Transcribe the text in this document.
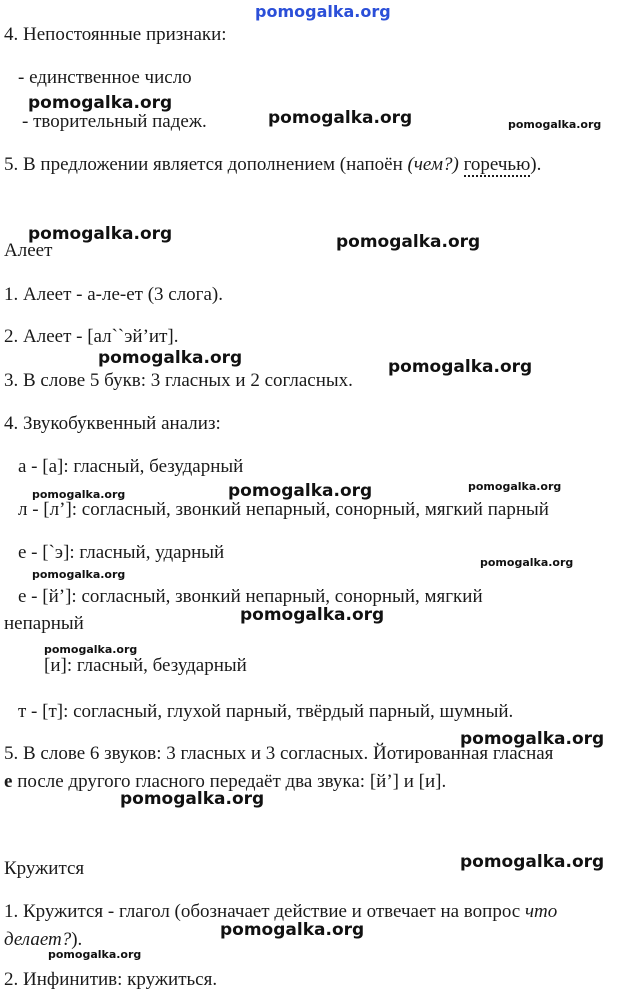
pomogalka.org
4. Непостоянные признаки:
- единственное число
pomogalka.org
- творительный падеж.	pomogalka.org	pomogalka.org
5. В предложении является дополнением (напоён (чем?) горечью).
pomogalka.org	pomogalka.org
Алеет
1. Алеет - а-ле-ет (3 слога).
2. Алеет - [ал``эй’ит].
pomogalka.org	pomogalka.org
3. В слове 5 букв: 3 гласных и 2 согласных.
4. Звукобуквенный анализ:
а - [а]: гласный, безударный
pomogalka.org	pomogalka.org	pomogalka.org
л - [л’]: согласный, звонкий непарный, сонорный, мягкий парный
е - [`э]: гласный, ударный	pomogalka.org
pomogalka.org
е - [й’]: согласный, звонкий непарный, сонорный, мягкий
pomogalka.org
непарный
pomogalka.org
[и]: гласный, безударный
т - [т]: согласный, глухой парный, твёрдый парный, шумный.
pomogalka.org
5. В слове 6 звуков: 3 гласных и 3 согласных. Йотированная гласная
е после другого гласного передаёт два звука: [й’] и [и].
pomogalka.org
Кружится	pomogalka.org
1. Кружится - глагол (обозначает действие и отвечает на вопрос что
pomogalka.org
делает?).
pomogalka.org
2. Инфинитив: кружиться.
